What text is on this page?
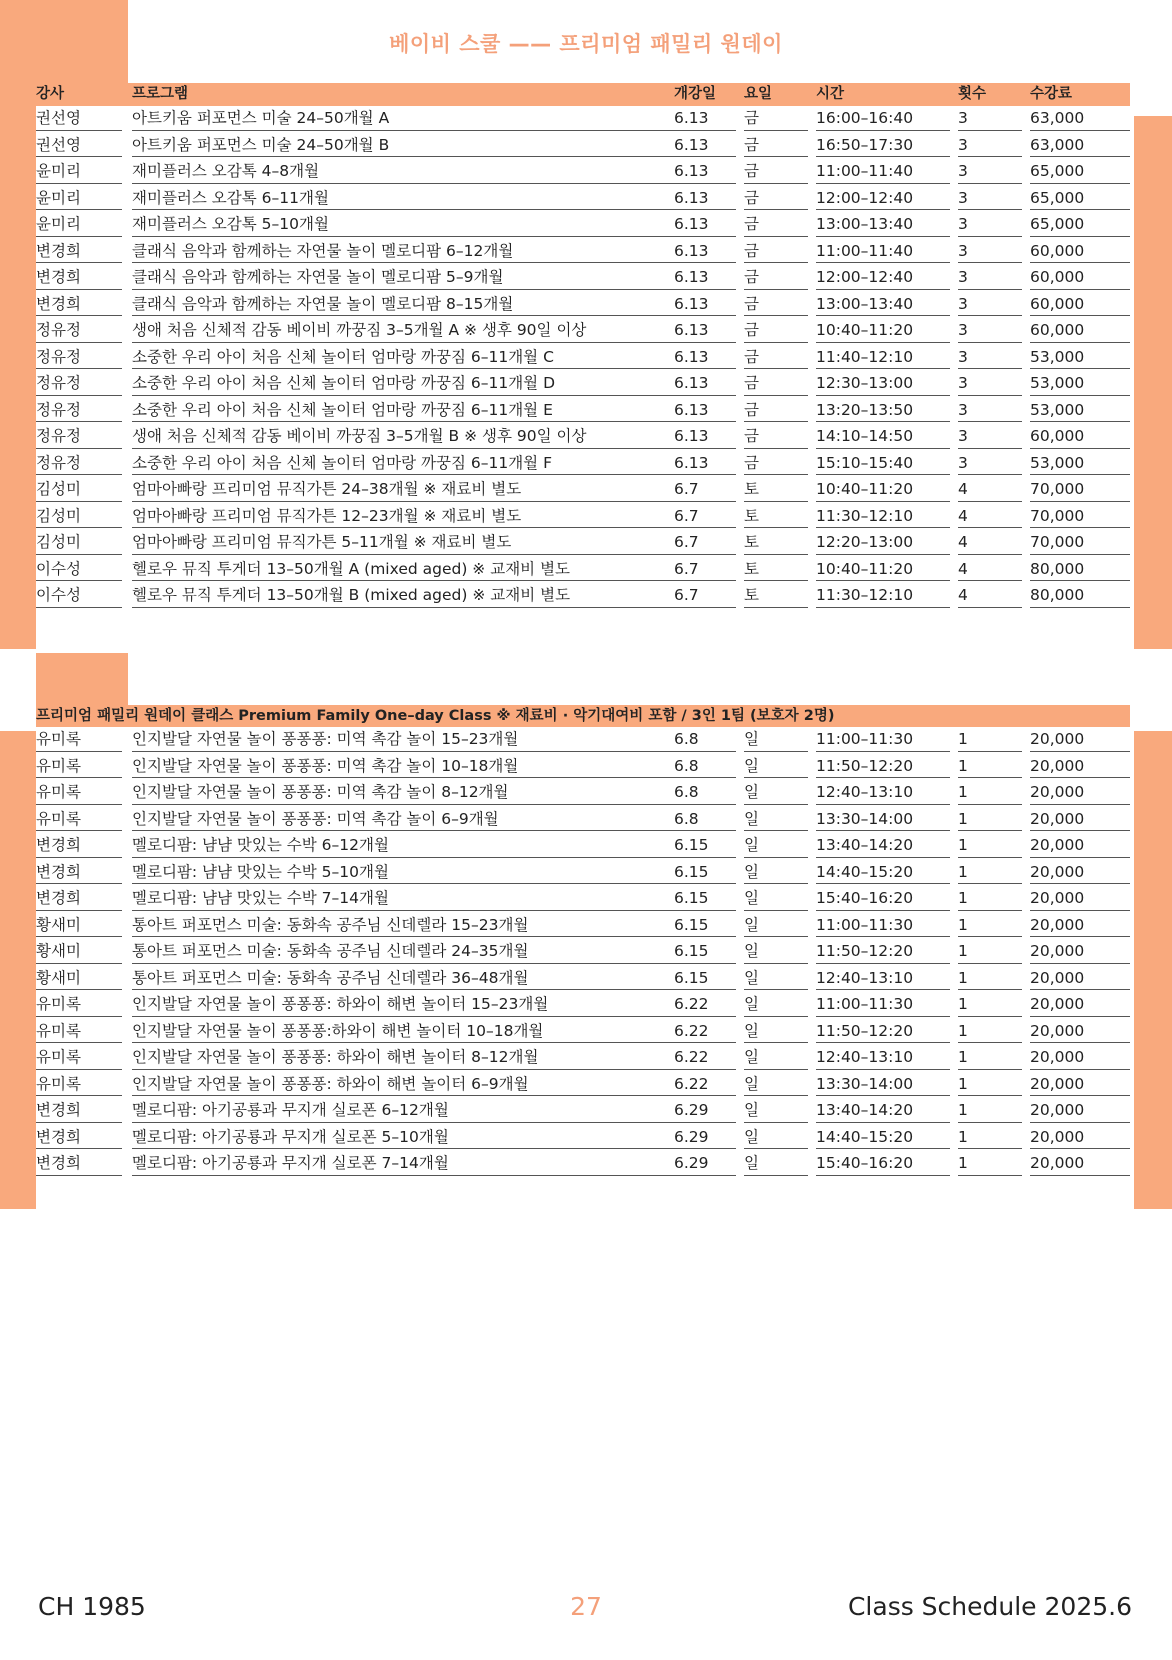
베이비 스쿨 —— 프리미엄 패밀리 원데이
강사	프로그램	개강일	요일	시간	횟수	수강료
권선영	아트키움 퍼포먼스 미술 24–50개월 A	6.13	금	16:00–16:40	3	63,000
권선영	아트키움 퍼포먼스 미술 24–50개월 B	6.13	금	16:50–17:30	3	63,000
윤미리	재미플러스 오감톡 4–8개월	6.13	금	11:00–11:40	3	65,000
윤미리	재미플러스 오감톡 6–11개월	6.13	금	12:00–12:40	3	65,000
윤미리	재미플러스 오감톡 5–10개월	6.13	금	13:00–13:40	3	65,000
변경희	클래식 음악과 함께하는 자연물 놀이 멜로디팜 6–12개월	6.13	금	11:00–11:40	3	60,000
변경희	클래식 음악과 함께하는 자연물 놀이 멜로디팜 5–9개월	6.13	금	12:00–12:40	3	60,000
변경희	클래식 음악과 함께하는 자연물 놀이 멜로디팜 8–15개월	6.13	금	13:00–13:40	3	60,000
정유정	생애 처음 신체적 감동 베이비 까꿍짐 3–5개월 A ※ 생후 90일 이상	6.13	금	10:40–11:20	3	60,000
정유정	소중한 우리 아이 처음 신체 놀이터 엄마랑 까꿍짐 6–11개월 C	6.13	금	11:40–12:10	3	53,000
정유정	소중한 우리 아이 처음 신체 놀이터 엄마랑 까꿍짐 6–11개월 D	6.13	금	12:30–13:00	3	53,000
정유정	소중한 우리 아이 처음 신체 놀이터 엄마랑 까꿍짐 6–11개월 E	6.13	금	13:20–13:50	3	53,000
정유정	생애 처음 신체적 감동 베이비 까꿍짐 3–5개월 B ※ 생후 90일 이상	6.13	금	14:10–14:50	3	60,000
정유정	소중한 우리 아이 처음 신체 놀이터 엄마랑 까꿍짐 6–11개월 F	6.13	금	15:10–15:40	3	53,000
김성미	엄마아빠랑 프리미엄 뮤직가튼 24–38개월 ※ 재료비 별도	6.7	토	10:40–11:20	4	70,000
김성미	엄마아빠랑 프리미엄 뮤직가튼 12–23개월 ※ 재료비 별도	6.7	토	11:30–12:10	4	70,000
김성미	엄마아빠랑 프리미엄 뮤직가튼 5–11개월 ※ 재료비 별도	6.7	토	12:20–13:00	4	70,000
이수성	헬로우 뮤직 투게더 13–50개월 A (mixed aged) ※ 교재비 별도	6.7	토	10:40–11:20	4	80,000
이수성	헬로우 뮤직 투게더 13–50개월 B (mixed aged) ※ 교재비 별도	6.7	토	11:30–12:10	4	80,000
프리미엄 패밀리 원데이 클래스 Premium Family One–day Class ※ 재료비 · 악기대여비 포함 / 3인 1팀 (보호자 2명)
유미록	인지발달 자연물 놀이 퐁퐁퐁: 미역 촉감 놀이 15–23개월	6.8	일	11:00–11:30	1	20,000
유미록	인지발달 자연물 놀이 퐁퐁퐁: 미역 촉감 놀이 10–18개월	6.8	일	11:50–12:20	1	20,000
유미록	인지발달 자연물 놀이 퐁퐁퐁: 미역 촉감 놀이 8–12개월	6.8	일	12:40–13:10	1	20,000
유미록	인지발달 자연물 놀이 퐁퐁퐁: 미역 촉감 놀이 6–9개월	6.8	일	13:30–14:00	1	20,000
변경희	멜로디팜: 냠냠 맛있는 수박 6–12개월	6.15	일	13:40–14:20	1	20,000
변경희	멜로디팜: 냠냠 맛있는 수박 5–10개월	6.15	일	14:40–15:20	1	20,000
변경희	멜로디팜: 냠냠 맛있는 수박 7–14개월	6.15	일	15:40–16:20	1	20,000
황새미	통아트 퍼포먼스 미술: 동화속 공주님 신데렐라 15–23개월	6.15	일	11:00–11:30	1	20,000
황새미	통아트 퍼포먼스 미술: 동화속 공주님 신데렐라 24–35개월	6.15	일	11:50–12:20	1	20,000
황새미	통아트 퍼포먼스 미술: 동화속 공주님 신데렐라 36–48개월	6.15	일	12:40–13:10	1	20,000
유미록	인지발달 자연물 놀이 퐁퐁퐁: 하와이 해변 놀이터 15–23개월	6.22	일	11:00–11:30	1	20,000
유미록	인지발달 자연물 놀이 퐁퐁퐁:하와이 해변 놀이터 10–18개월	6.22	일	11:50–12:20	1	20,000
유미록	인지발달 자연물 놀이 퐁퐁퐁: 하와이 해변 놀이터 8–12개월	6.22	일	12:40–13:10	1	20,000
유미록	인지발달 자연물 놀이 퐁퐁퐁: 하와이 해변 놀이터 6–9개월	6.22	일	13:30–14:00	1	20,000
변경희	멜로디팜: 아기공룡과 무지개 실로폰 6–12개월	6.29	일	13:40–14:20	1	20,000
변경희	멜로디팜: 아기공룡과 무지개 실로폰 5–10개월	6.29	일	14:40–15:20	1	20,000
변경희	멜로디팜: 아기공룡과 무지개 실로폰 7–14개월	6.29	일	15:40–16:20	1	20,000
CH 1985	27	Class Schedule 2025.6
